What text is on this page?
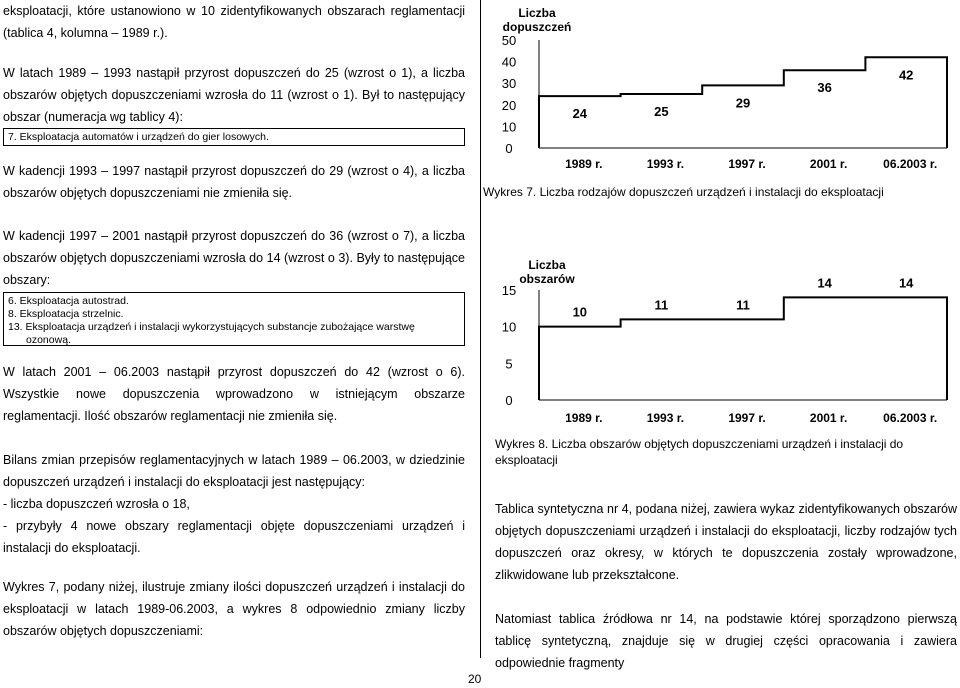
eksploatacji, które ustanowiono w 10 zidentyfikowanych obszarach reglamentacji (tablica 4, kolumna – 1989 r.).
W latach 1989 – 1993 nastąpił przyrost dopuszczeń do 25 (wzrost o 1), a liczba obszarów objętych dopuszczeniami wzrosła do 11 (wzrost o 1). Był to następujący obszar (numeracja wg tablicy 4):
7. Eksploatacja automatów i urządzeń do gier losowych.
W kadencji 1993 – 1997 nastąpił przyrost dopuszczeń do 29 (wzrost o 4), a liczba obszarów objętych dopuszczeniami nie zmieniła się.
W kadencji 1997 – 2001 nastąpił przyrost dopuszczeń do 36 (wzrost o 7), a liczba obszarów objętych dopuszczeniami wzrosła do 14 (wzrost o 3). Były to następujące obszary:
6. Eksploatacja autostrad.
8. Eksploatacja strzelnic.
13. Eksploatacja urządzeń i instalacji wykorzystujących substancje zubożające warstwę
ozonową.
W latach 2001 – 06.2003 nastąpił przyrost dopuszczeń do 42 (wzrost o 6). Wszystkie nowe dopuszczenia wprowadzono w istniejącym obszarze reglamentacji. Ilość obszarów reglamentacji nie zmieniła się.
Bilans zmian przepisów reglamentacyjnych w latach 1989 – 06.2003, w dziedzinie dopuszczeń urządzeń i instalacji do eksploatacji jest następujący:
- liczba dopuszczeń wzrosła o 18,
- przybyły 4 nowe obszary reglamentacji objęte dopuszczeniami urządzeń i instalacji do eksploatacji.
Wykres 7, podany niżej, ilustruje zmiany ilości dopuszczeń urządzeń i instalacji do eksploatacji w latach 1989-06.2003, a wykres 8 odpowiednio zmiany liczby obszarów objętych dopuszczeniami:
Liczba
dopuszczeń
0
10
20
30
40
50
24
1989 r.
25
1993 r.
29
1997 r.
36
2001 r.
42
06.2003 r.
Wykres 7. Liczba rodzajów dopuszczeń urządzeń i instalacji do eksploatacji
Liczba
obszarów
0
5
10
15
10
1989 r.
11
1993 r.
11
1997 r.
14
2001 r.
14
06.2003 r.
Wykres 8. Liczba obszarów objętych dopuszczeniami urządzeń i instalacji do eksploatacji
Tablica syntetyczna nr 4, podana niżej, zawiera wykaz zidentyfikowanych obszarów objętych dopuszczeniami urządzeń i instalacji do eksploatacji, liczby rodzajów tych dopuszczeń oraz okresy, w których te dopuszczenia zostały wprowadzone, zlikwidowane lub przekształcone.
Natomiast tablica źródłowa nr 14, na podstawie której sporządzono pierwszą tablicę syntetyczną, znajduje się w drugiej części opracowania i zawiera odpowiednie fragmenty
20
